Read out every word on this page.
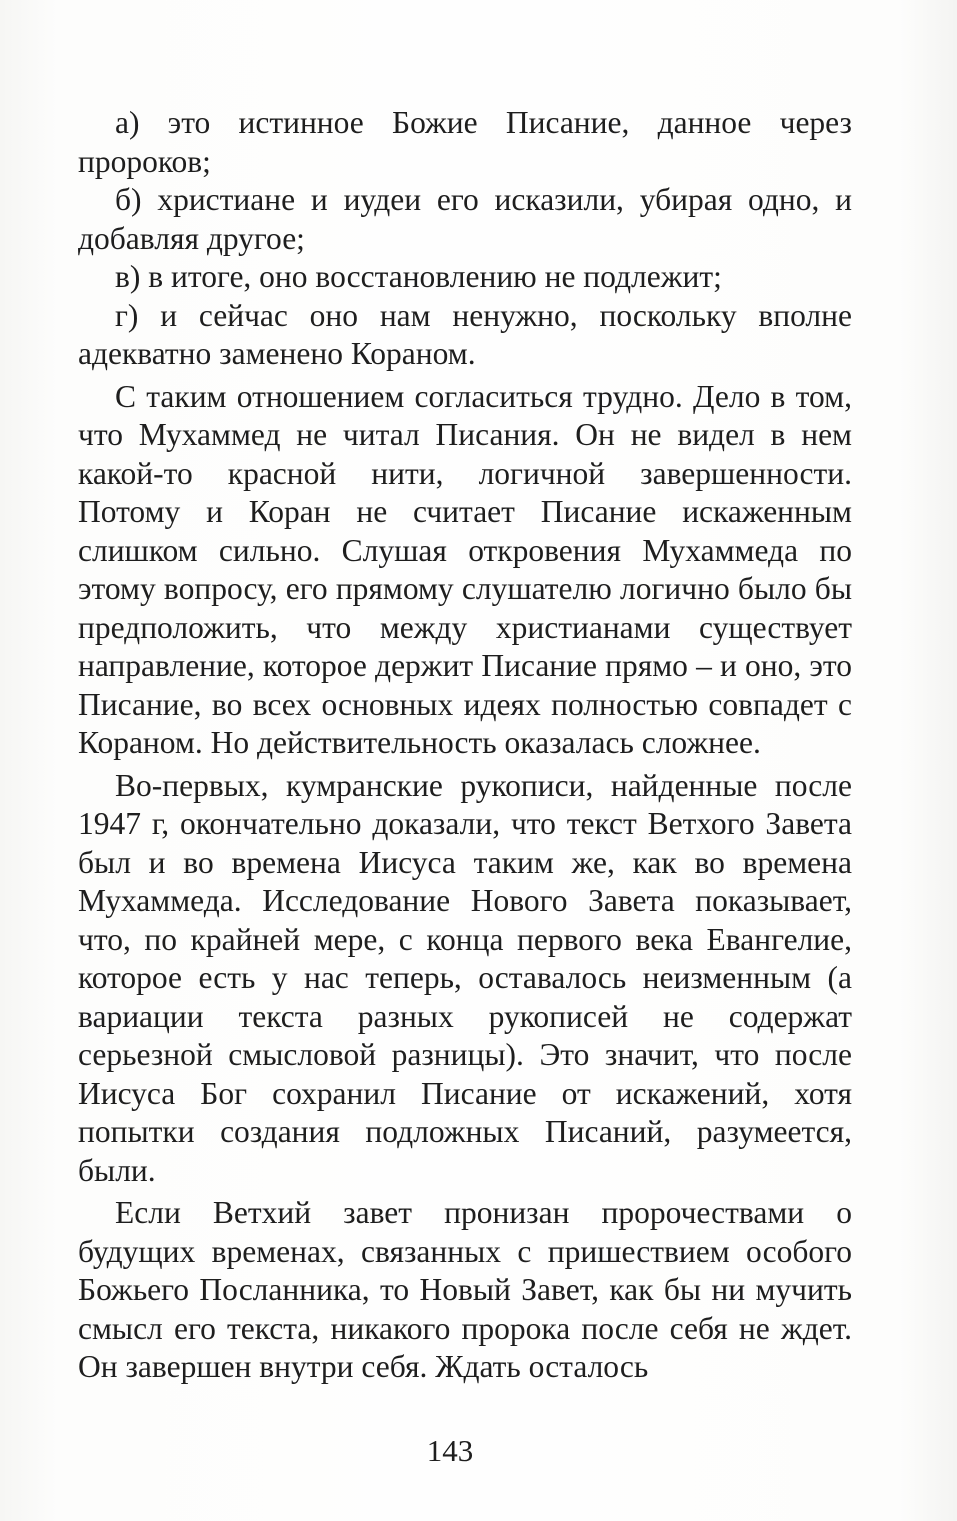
а) это истинное Божие Писание, данное через пророков;

б) христиане и иудеи его исказили, убирая одно, и добавляя другое;

в) в итоге, оно восстановлению не подлежит;

г) и сейчас оно нам ненужно, поскольку вполне адекватно заменено Кораном.

С таким отношением согласиться трудно. Дело в том, что Мухаммед не читал Писания. Он не видел в нем какой-то красной нити, логичной завершенности. Потому и Коран не считает Писание искаженным слишком сильно. Слушая откровения Мухаммеда по этому вопросу, его прямому слушателю логично было бы предположить, что между христианами существует направление, которое держит Писание прямо – и оно, это Писание, во всех основных идеях полностью совпадет с Кораном. Но действительность оказалась сложнее.

Во-первых, кумранские рукописи, найденные после 1947 г, окончательно доказали, что текст Ветхого Завета был и во времена Иисуса таким же, как во времена Мухаммеда. Исследование Нового Завета показывает, что, по крайней мере, с конца первого века Евангелие, которое есть у нас теперь, оставалось неизменным (а вариации текста разных рукописей не содержат серьезной смысловой разницы). Это значит, что после Иисуса Бог сохранил Писание от искажений, хотя попытки создания подложных Писаний, разумеется, были.

Если Ветхий завет пронизан пророчествами о будущих временах, связанных с пришествием особого Божьего Посланника, то Новый Завет, как бы ни мучить смысл его текста, никакого пророка после себя не ждет. Он завершен внутри себя. Ждать осталось

143
